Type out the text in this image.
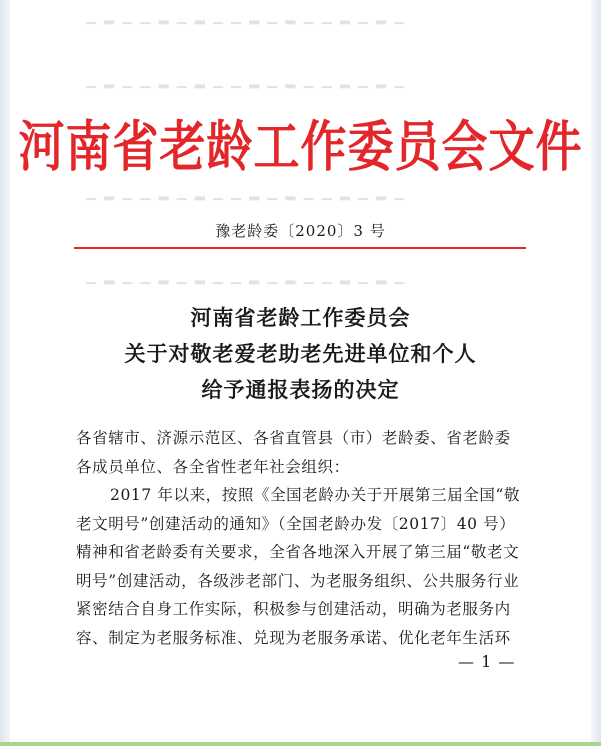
▁ ▂ ▁ ▁ ▂ ▁ ▂ ▁ ▁ ▂ ▁ ▂ ▁ ▁ ▂ ▁ ▂ ▁
▁ ▂ ▁ ▁ ▂ ▁ ▂ ▁ ▁ ▂ ▁ ▂ ▁ ▁ ▂ ▁ ▂ ▁
▁ ▂ ▁ ▁ ▂ ▁ ▂ ▁ ▁ ▂ ▁ ▂ ▁ ▁ ▂ ▁ ▂ ▁
▁ ▂ ▁ ▁ ▂ ▁ ▂ ▁ ▁ ▂ ▁ ▂ ▁ ▁ ▂ ▁ ▂ ▁
河南省老龄工作委员会文件
豫老龄委〔2020〕3 号
河南省老龄工作委员会
关于对敬老爱老助老先进单位和个人
给予通报表扬的决定
各省辖市、济源示范区、各省直管县（市）老龄委、省老龄委
各成员单位、各全省性老年社会组织：
2017 年以来，按照《全国老龄办关于开展第三届全国“敬
老文明号”创建活动的通知》（全国老龄办发〔2017〕40 号）
精神和省老龄委有关要求，全省各地深入开展了第三届“敬老文
明号”创建活动，各级涉老部门、为老服务组织、公共服务行业
紧密结合自身工作实际，积极参与创建活动，明确为老服务内
容、制定为老服务标准、兑现为老服务承诺、优化老年生活环
— 1 —
